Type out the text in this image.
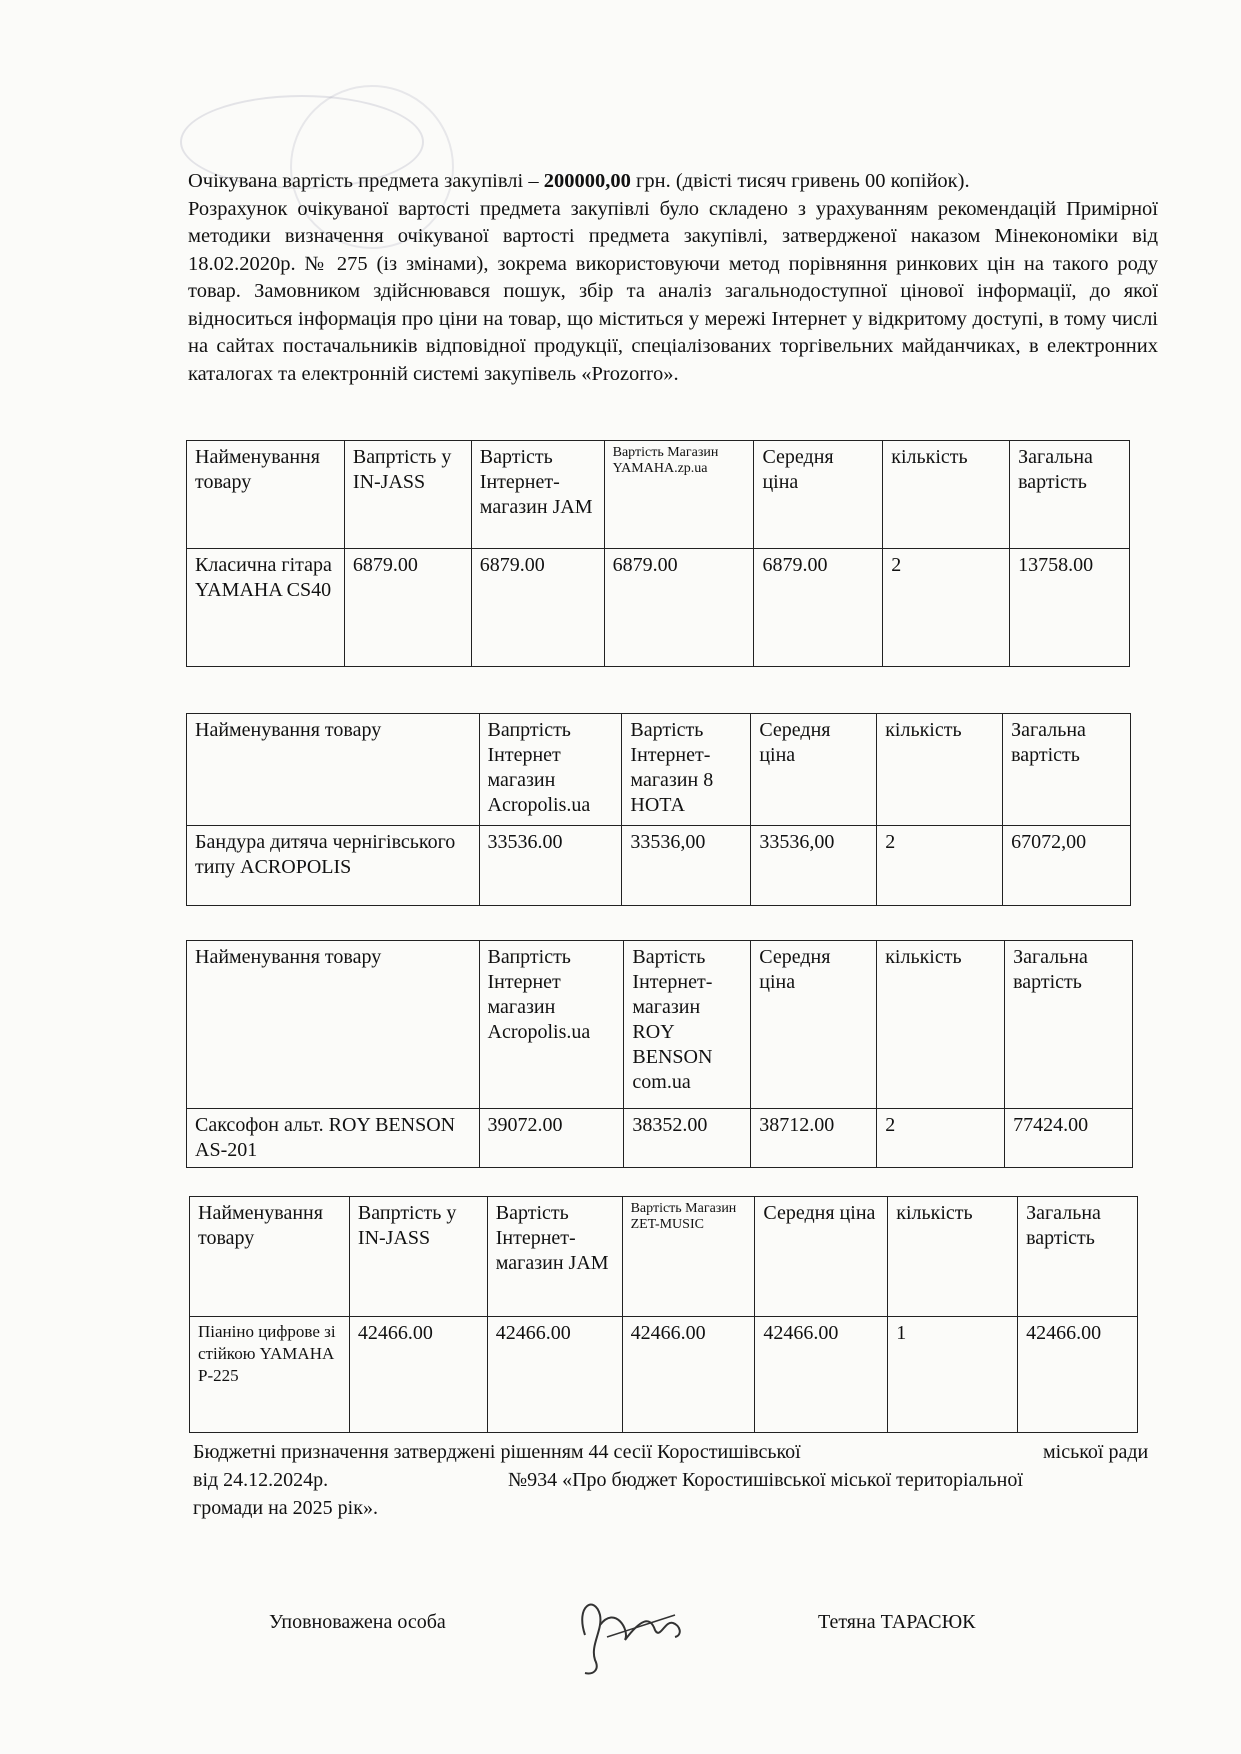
Очікувана вартість предмета закупівлі – 200000,00 грн. (двісті тисяч гривень 00 копійок).

Розрахунок очікуваної вартості предмета закупівлі було складено з урахуванням рекомендацій Примірної методики визначення очікуваної вартості предмета закупівлі, затвердженої наказом Мінекономіки від 18.02.2020р. № 275 (із змінами), зокрема використовуючи метод порівняння ринкових цін на такого роду товар. Замовником здійснювався пошук, збір та аналіз загальнодоступної цінової інформації, до якої відноситься інформація про ціни на товар, що міститься у мережі Інтернет у відкритому доступі, в тому числі на сайтах постачальників відповідної продукції, спеціалізованих торгівельних майданчиках, в електронних каталогах та електронній системі закупівель «Prozorro».

Найменування товару	Вапртість у IN-JASS	Вартість Інтернет-магазин JAM	Вартість Магазин YAMAHA.zp.ua	Середня ціна	кількість	Загальна вартість
Класична гітара YAMAHA CS40	6879.00	6879.00	6879.00	6879.00	2	13758.00
Найменування товару	Вапртість Інтернет магазин Acropolis.ua	Вартість Інтернет-магазин 8 НОТА	Середня ціна	кількість	Загальна вартість
Бандура дитяча чернігівського типу ACROPOLIS	33536.00	33536,00	33536,00	2	67072,00
Найменування товару	Вапртість Інтернет магазин Acropolis.ua	Вартість Інтернет-магазин ROY BENSON com.ua	Середня ціна	кількість	Загальна вартість
Саксофон альт. ROY BENSON AS-201	39072.00	38352.00	38712.00	2	77424.00
Найменування товару	Вапртість у IN-JASS	Вартість Інтернет-магазин JAM	Вартість Магазин ZET-MUSIC	Середня ціна	кількість	Загальна вартість
Піаніно цифрове зі стійкою YAMAHA P-225	42466.00	42466.00	42466.00	42466.00	1	42466.00
Бюджетні призначення затверджені рішенням 44 сесії Коростишівської	міської ради
від 24.12.2024р.	№934 «Про бюджет Коростишівської міської територіальної
громади на 2025 рік».
Уповноважена особа	Тетяна ТАРАСЮК
